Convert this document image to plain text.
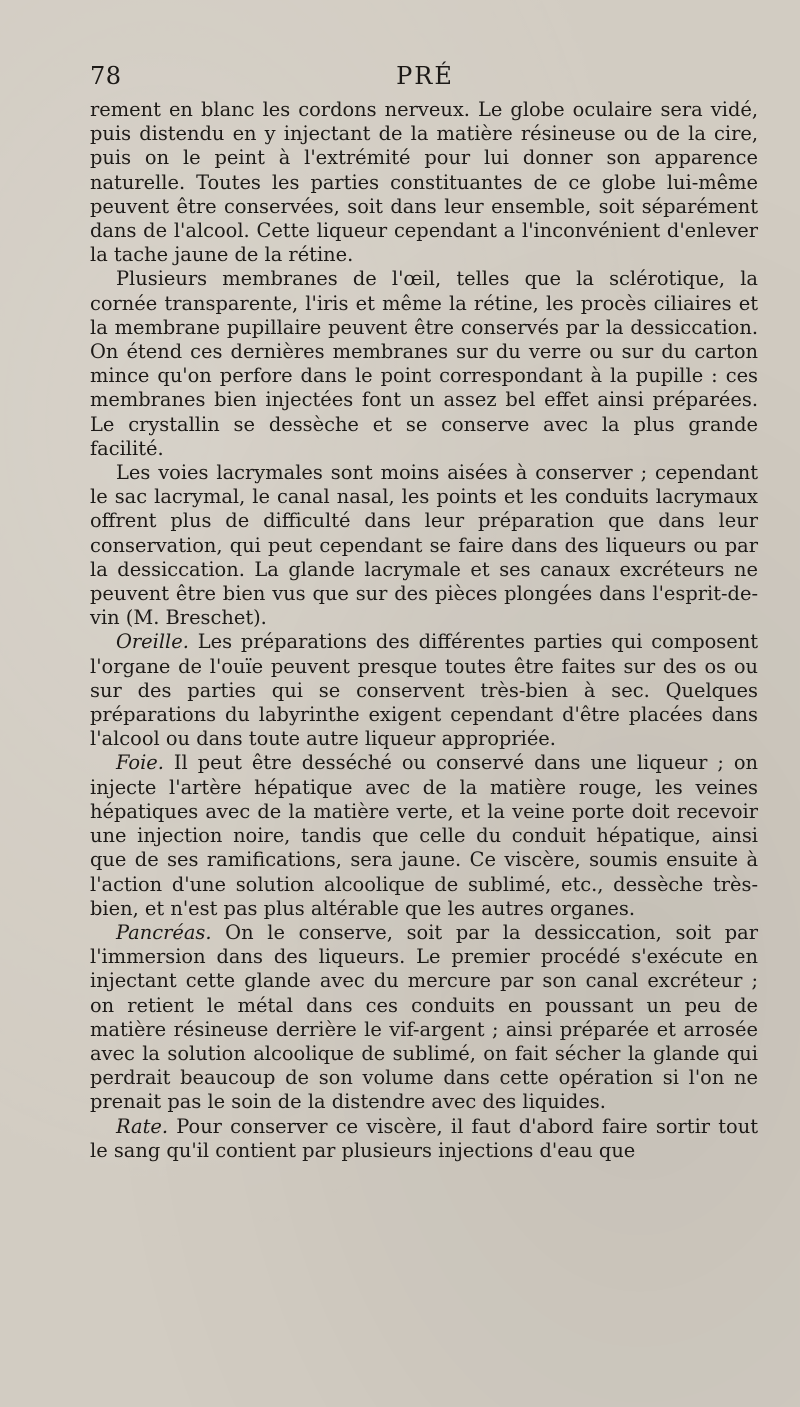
78	PRÉ

rement en blanc les cordons nerveux. Le globe oculaire sera vidé, puis distendu en y injectant de la matière résineuse ou de la cire, puis on le peint à l'extrémité pour lui donner son apparence naturelle. Toutes les parties constituantes de ce globe lui-même peuvent être conservées, soit dans leur ensemble, soit séparément dans de l'alcool. Cette liqueur cependant a l'inconvénient d'enlever la tache jaune de la rétine.

Plusieurs membranes de l'œil, telles que la sclérotique, la cornée transparente, l'iris et même la rétine, les procès ciliaires et la membrane pupillaire peuvent être conservés par la dessiccation. On étend ces dernières membranes sur du verre ou sur du carton mince qu'on perfore dans le point correspondant à la pupille : ces membranes bien injectées font un assez bel effet ainsi préparées. Le crystallin se dessèche et se conserve avec la plus grande facilité.

Les voies lacrymales sont moins aisées à conserver ; cependant le sac lacrymal, le canal nasal, les points et les conduits lacrymaux offrent plus de difficulté dans leur préparation que dans leur conservation, qui peut cependant se faire dans des liqueurs ou par la dessiccation. La glande lacrymale et ses canaux excréteurs ne peuvent être bien vus que sur des pièces plongées dans l'esprit-de-vin (M. Breschet).

Oreille. Les préparations des différentes parties qui composent l'organe de l'ouïe peuvent presque toutes être faites sur des os ou sur des parties qui se conservent très-bien à sec. Quelques préparations du labyrinthe exigent cependant d'être placées dans l'alcool ou dans toute autre liqueur appropriée.

Foie. Il peut être desséché ou conservé dans une liqueur ; on injecte l'artère hépatique avec de la matière rouge, les veines hépatiques avec de la matière verte, et la veine porte doit recevoir une injection noire, tandis que celle du conduit hépatique, ainsi que de ses ramifications, sera jaune. Ce viscère, soumis ensuite à l'action d'une solution alcoolique de sublimé, etc., dessèche très-bien, et n'est pas plus altérable que les autres organes.

Pancréas. On le conserve, soit par la dessiccation, soit par l'immersion dans des liqueurs. Le premier procédé s'exécute en injectant cette glande avec du mercure par son canal excréteur ; on retient le métal dans ces conduits en poussant un peu de matière résineuse derrière le vif-argent ; ainsi préparée et arrosée avec la solution alcoolique de sublimé, on fait sécher la glande qui perdrait beaucoup de son volume dans cette opération si l'on ne prenait pas le soin de la distendre avec des liquides.

Rate. Pour conserver ce viscère, il faut d'abord faire sortir tout le sang qu'il contient par plusieurs injections d'eau que
